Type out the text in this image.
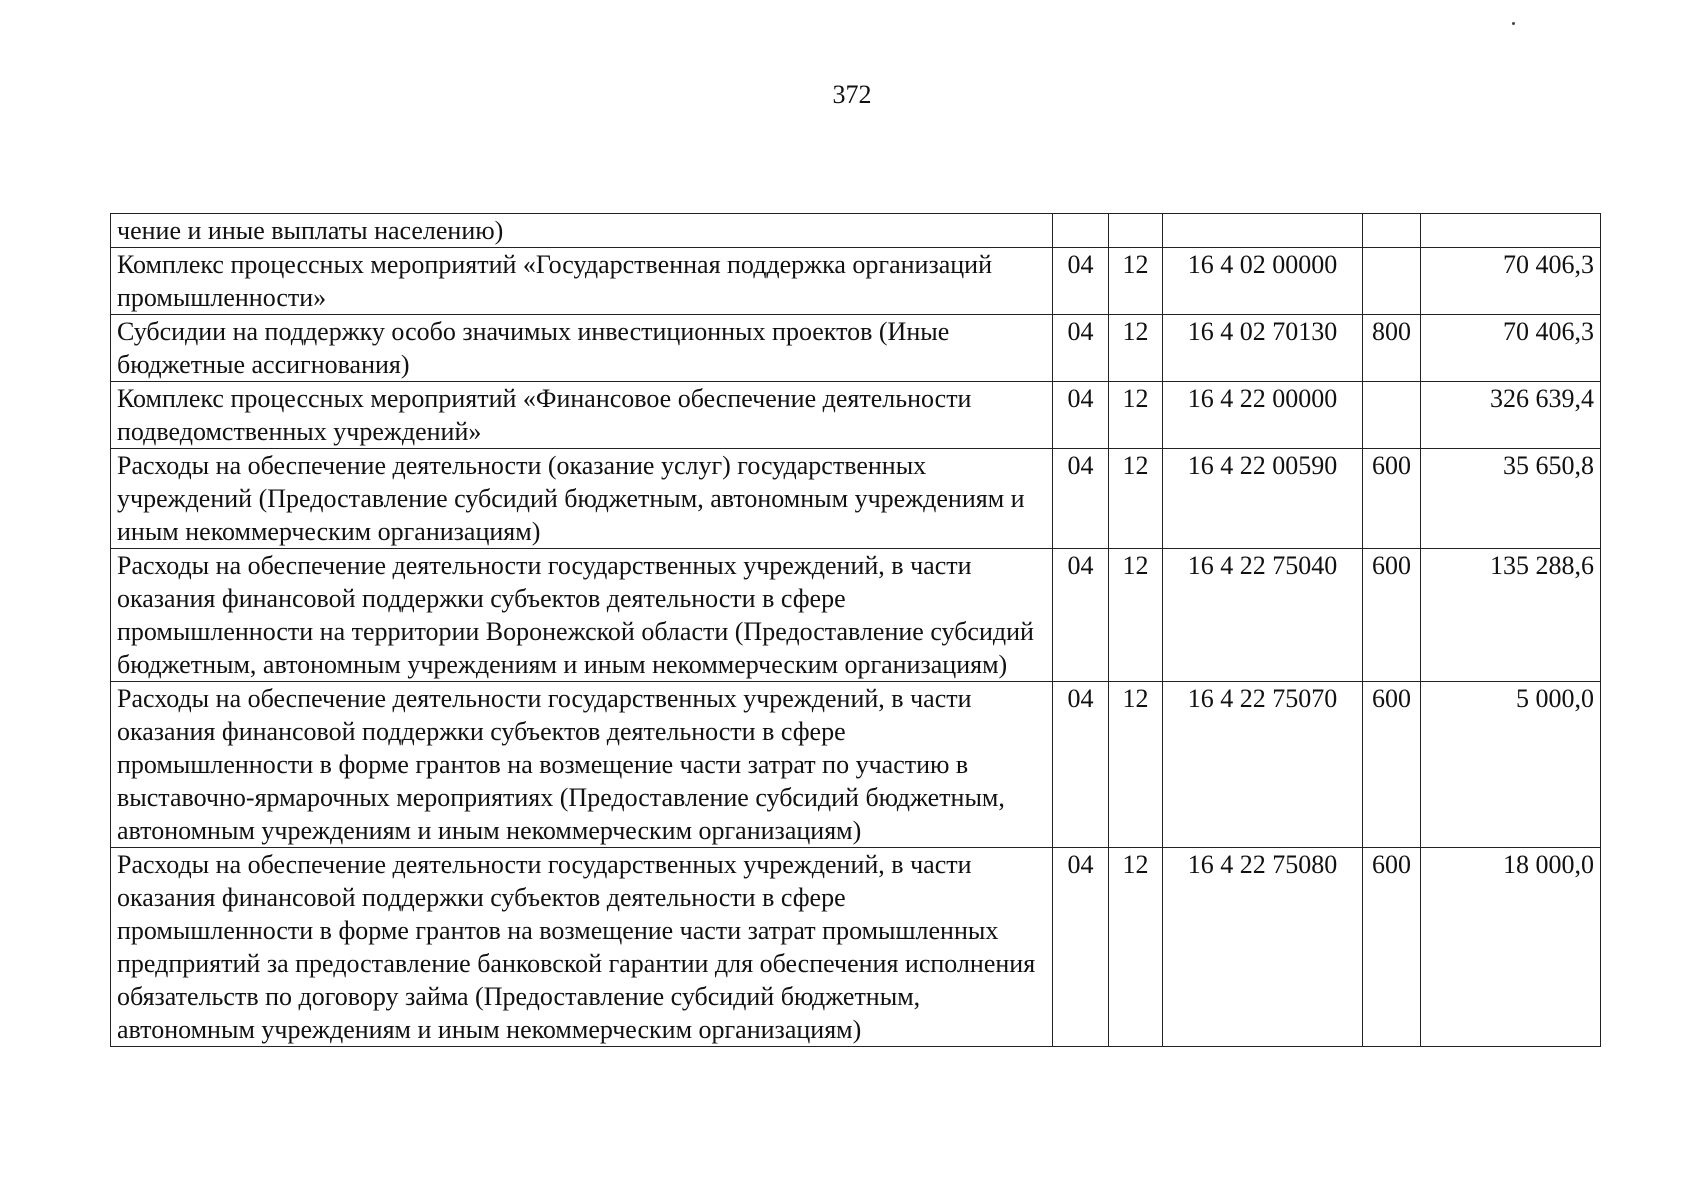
372
чение и иные выплаты населению)					
Комплекс процессных мероприятий «Государственная поддержка организаций промышленности»	04	12	16 4 02 00000		70 406,3
Субсидии на поддержку особо значимых инвестиционных проектов (Иные бюджетные ассигнования)	04	12	16 4 02 70130	800	70 406,3
Комплекс процессных мероприятий «Финансовое обеспечение деятельности подведомственных учреждений»	04	12	16 4 22 00000		326 639,4
Расходы на обеспечение деятельности (оказание услуг) государственных учреждений (Предоставление субсидий бюджетным, автономным учреждениям и иным некоммерческим организациям)	04	12	16 4 22 00590	600	35 650,8
Расходы на обеспечение деятельности государственных учреждений, в части оказания финансовой поддержки субъектов деятельности в сфере промышленности на территории Воронежской области (Предоставление субсидий бюджетным, автономным учреждениям и иным некоммерческим организациям)	04	12	16 4 22 75040	600	135 288,6
Расходы на обеспечение деятельности государственных учреждений, в части оказания финансовой поддержки субъектов деятельности в сфере промышленности в форме грантов на возмещение части затрат по участию в выставочно-ярмарочных мероприятиях (Предоставление субсидий бюджетным, автономным учреждениям и иным некоммерческим организациям)	04	12	16 4 22 75070	600	5 000,0
Расходы на обеспечение деятельности государственных учреждений, в части оказания финансовой поддержки субъектов деятельности в сфере промышленности в форме грантов на возмещение части затрат промышленных предприятий за предоставление банковской гарантии для обеспечения исполнения обязательств по договору займа (Предоставление субсидий бюджетным, автономным учреждениям и иным некоммерческим организациям)	04	12	16 4 22 75080	600	18 000,0
